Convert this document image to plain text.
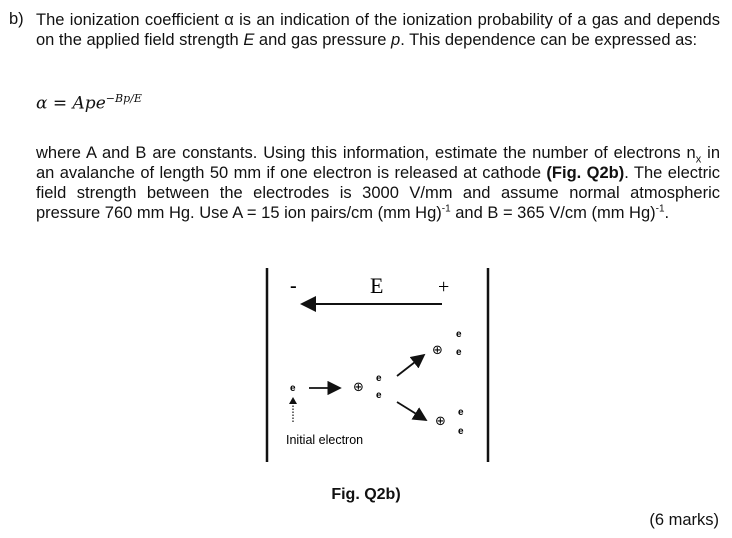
b) The ionization coefficient α is an indication of the ionization probability of a gas and depends on the applied field strength E and gas pressure p. This dependence can be expressed as:
α = Apе$^{-Bp/E}$
where A and B are constants. Using this information, estimate the number of electrons $n_x$ in an avalanche of length 50 mm if one electron is released at cathode (Fig. Q2b). The electric field strength between the electrodes is 3000 V/mm and assume normal atmospheric pressure 760 mm Hg. Use A = 15 ion pairs/cm (mm Hg)$^{-1}$ and B = 365 V/cm (mm Hg)$^{-1}$.
-	E	+
e
Initial electron
⊕
e
e
⊕
e
e
⊕
e
e
Fig. Q2b)
(6 marks)
